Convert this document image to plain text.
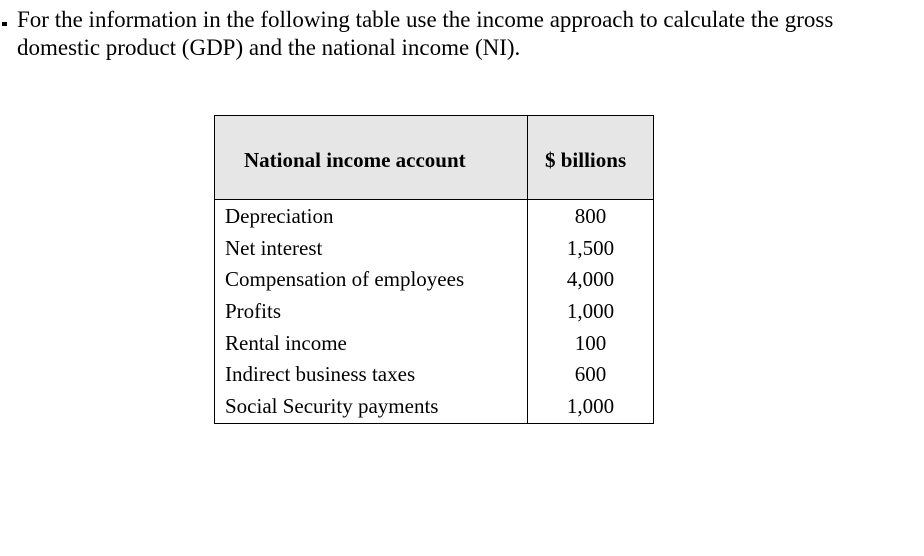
For the information in the following table use the income approach to calculate the gross
domestic product (GDP) and the national income (NI).
National income account	$ billions
Depreciation	800
Net interest	1,500
Compensation of employees	4,000
Profits	1,000
Rental income	100
Indirect business taxes	600
Social Security payments	1,000
